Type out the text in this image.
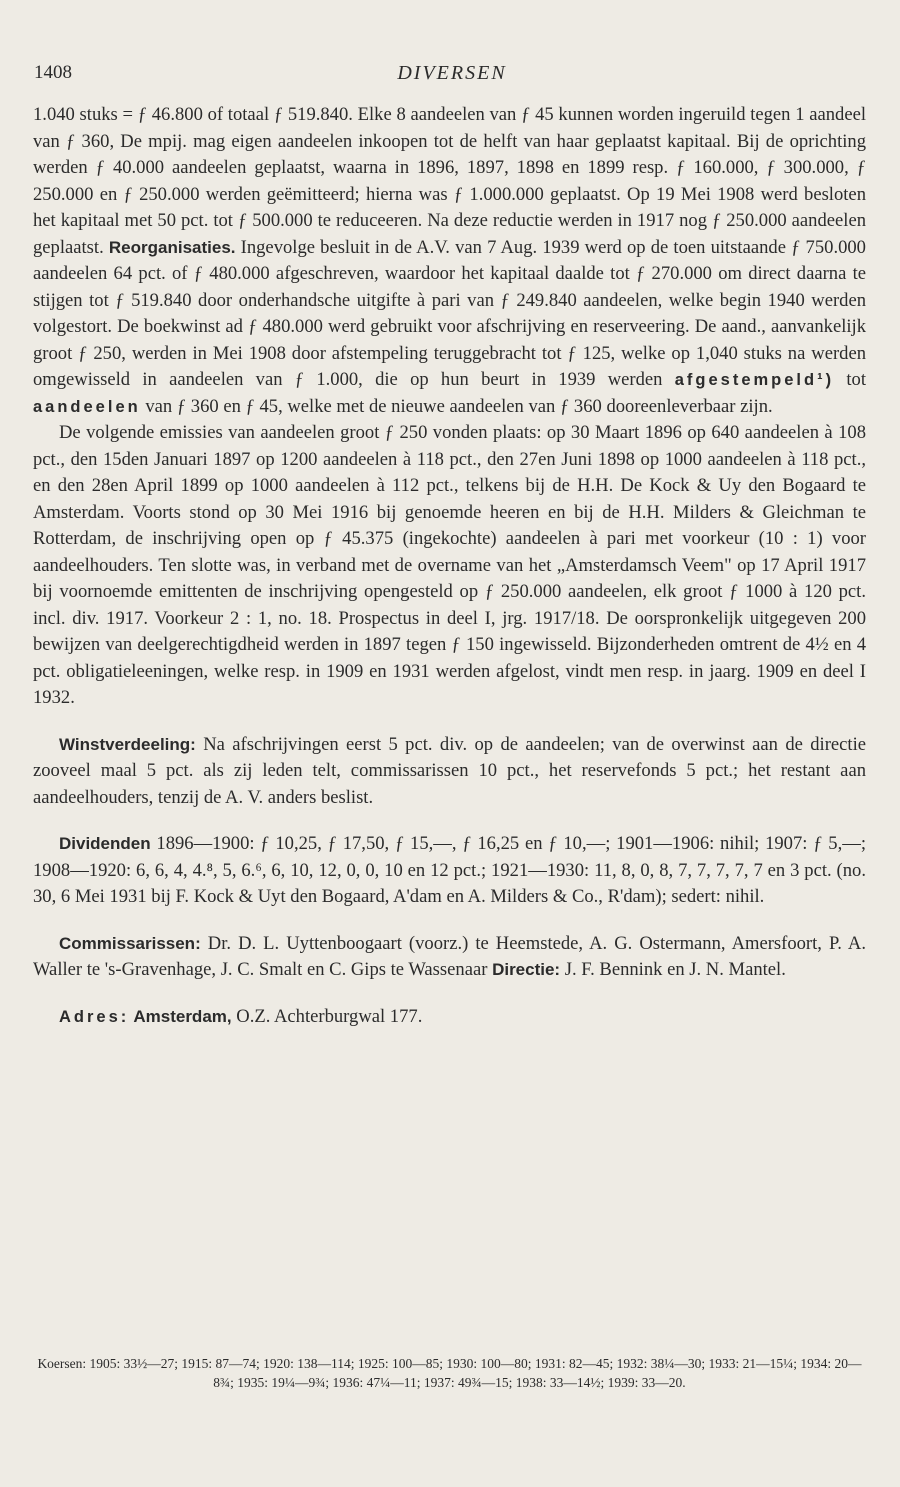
1408	DIVERSEN

1.040 stuks = ƒ 46.800 of totaal ƒ 519.840. Elke 8 aandeelen van ƒ 45 kunnen worden ingeruild tegen 1 aandeel van ƒ 360, De mpij. mag eigen aandeelen inkoopen tot de helft van haar geplaatst kapitaal. Bij de oprichting werden ƒ 40.000 aandeelen geplaatst, waarna in 1896, 1897, 1898 en 1899 resp. ƒ 160.000, ƒ 300.000, ƒ 250.000 en ƒ 250.000 werden geëmitteerd; hierna was ƒ 1.000.000 geplaatst. Op 19 Mei 1908 werd besloten het kapitaal met 50 pct. tot ƒ 500.000 te reduceeren. Na deze reductie werden in 1917 nog ƒ 250.000 aandeelen geplaatst. Reorganisaties. Ingevolge besluit in de A.V. van 7 Aug. 1939 werd op de toen uitstaande ƒ 750.000 aandeelen 64 pct. of ƒ 480.000 afgeschreven, waardoor het kapitaal daalde tot ƒ 270.000 om direct daarna te stijgen tot ƒ 519.840 door onderhandsche uitgifte à pari van ƒ 249.840 aandeelen, welke begin 1940 werden volgestort. De boekwinst ad ƒ 480.000 werd gebruikt voor afschrijving en reserveering. De aand., aanvankelijk groot ƒ 250, werden in Mei 1908 door afstempeling teruggebracht tot ƒ 125, welke op 1,040 stuks na werden omgewisseld in aandeelen van ƒ 1.000, die op hun beurt in 1939 werden afgestempeld¹) tot aandeelen van ƒ 360 en ƒ 45, welke met de nieuwe aandeelen van ƒ 360 dooreenleverbaar zijn.

De volgende emissies van aandeelen groot ƒ 250 vonden plaats: op 30 Maart 1896 op 640 aandeelen à 108 pct., den 15den Januari 1897 op 1200 aandeelen à 118 pct., den 27en Juni 1898 op 1000 aandeelen à 118 pct., en den 28en April 1899 op 1000 aandeelen à 112 pct., telkens bij de H.H. De Kock & Uy den Bogaard te Amsterdam. Voorts stond op 30 Mei 1916 bij genoemde heeren en bij de H.H. Milders & Gleichman te Rotterdam, de inschrijving open op ƒ 45.375 (ingekochte) aandeelen à pari met voorkeur (10 : 1) voor aandeelhouders. Ten slotte was, in verband met de overname van het „Amsterdamsch Veem" op 17 April 1917 bij voornoemde emittenten de inschrijving opengesteld op ƒ 250.000 aandeelen, elk groot ƒ 1000 à 120 pct. incl. div. 1917. Voorkeur 2 : 1, no. 18. Prospectus in deel I, jrg. 1917/18. De oorspronkelijk uitgegeven 200 bewijzen van deelgerechtigdheid werden in 1897 tegen ƒ 150 ingewisseld. Bijzonderheden omtrent de 4½ en 4 pct. obligatieleeningen, welke resp. in 1909 en 1931 werden afgelost, vindt men resp. in jaarg. 1909 en deel I 1932.

Winstverdeeling: Na afschrijvingen eerst 5 pct. div. op de aandeelen; van de overwinst aan de directie zooveel maal 5 pct. als zij leden telt, commissarissen 10 pct., het reservefonds 5 pct.; het restant aan aandeelhouders, tenzij de A. V. anders beslist.

Dividenden 1896—1900: ƒ 10,25, ƒ 17,50, ƒ 15,—, ƒ 16,25 en ƒ 10,—; 1901—1906: nihil; 1907: ƒ 5,—; 1908—1920: 6, 6, 4, 4.⁸, 5, 6.⁶, 6, 10, 12, 0, 0, 10 en 12 pct.; 1921—1930: 11, 8, 0, 8, 7, 7, 7, 7, 7 en 3 pct. (no. 30, 6 Mei 1931 bij F. Kock & Uyt den Bogaard, A'dam en A. Milders & Co., R'dam); sedert: nihil.

Commissarissen: Dr. D. L. Uyttenboogaart (voorz.) te Heemstede, A. G. Ostermann, Amersfoort, P. A. Waller te 's-Gravenhage, J. C. Smalt en C. Gips te Wassenaar Directie: J. F. Bennink en J. N. Mantel.

Adres: Amsterdam, O.Z. Achterburgwal 177.

Koersen: 1905: 33½—27; 1915: 87—74; 1920: 138—114; 1925: 100—85; 1930: 100—80; 1931: 82—45; 1932: 38¼—30; 1933: 21—15¼; 1934: 20—8¾; 1935: 19¼—9¾; 1936: 47¼—11; 1937: 49¾—15; 1938: 33—14½; 1939: 33—20.
